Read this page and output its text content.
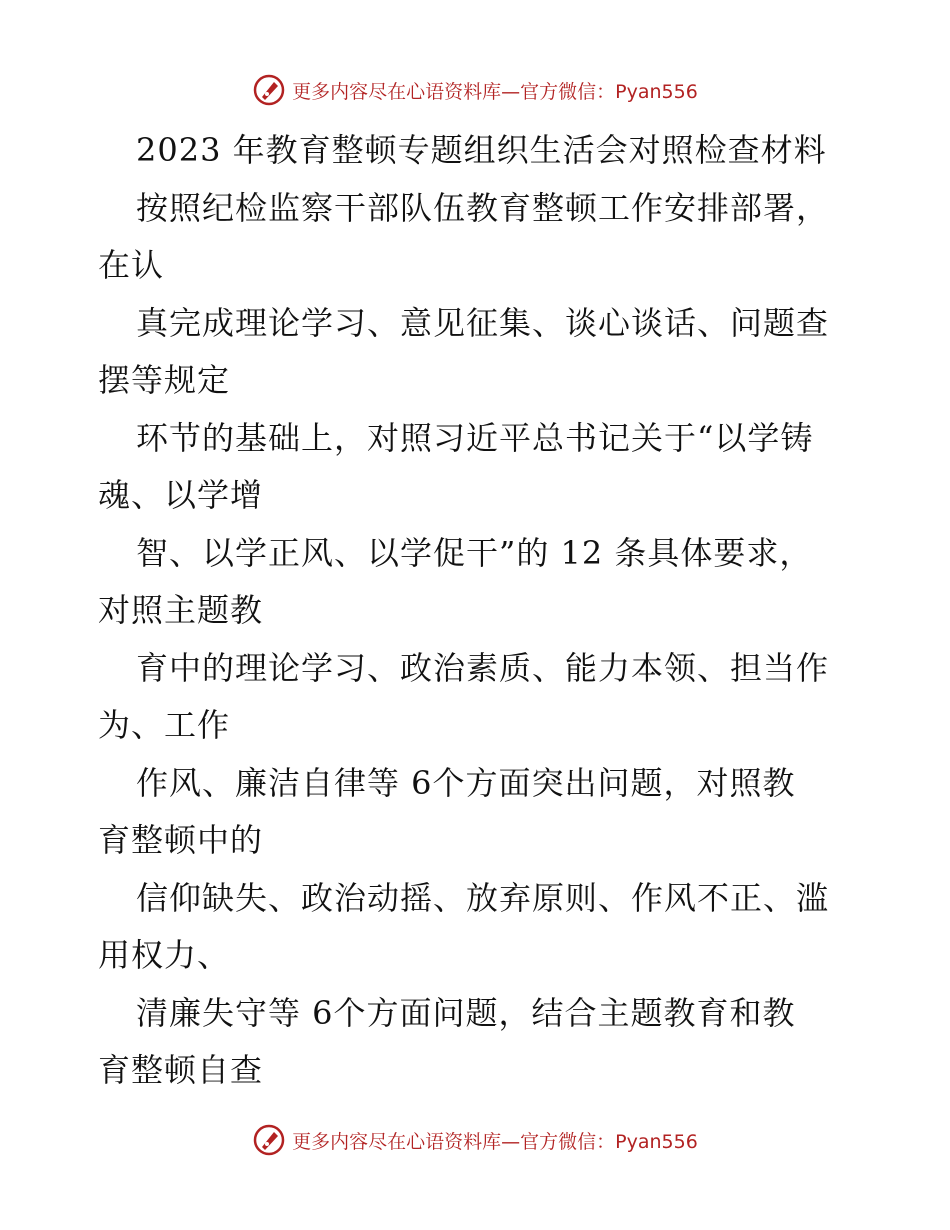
更多内容尽在心语资料库—官方微信：Pyan556
2023 年教育整顿专题组织生活会对照检查材料
按照纪检监察干部队伍教育整顿工作安排部署，
在认
真完成理论学习、意见征集、谈心谈话、问题查
摆等规定
环节的基础上，对照习近平总书记关于“以学铸
魂、以学增
智、以学正风、以学促干”的 12 条具体要求，
对照主题教
育中的理论学习、政治素质、能力本领、担当作
为、工作
作风、廉洁自律等 6个方面突出问题，对照教
育整顿中的
信仰缺失、政治动摇、放弃原则、作风不正、滥
用权力、
清廉失守等 6个方面问题，结合主题教育和教
育整顿自查
更多内容尽在心语资料库—官方微信：Pyan556
